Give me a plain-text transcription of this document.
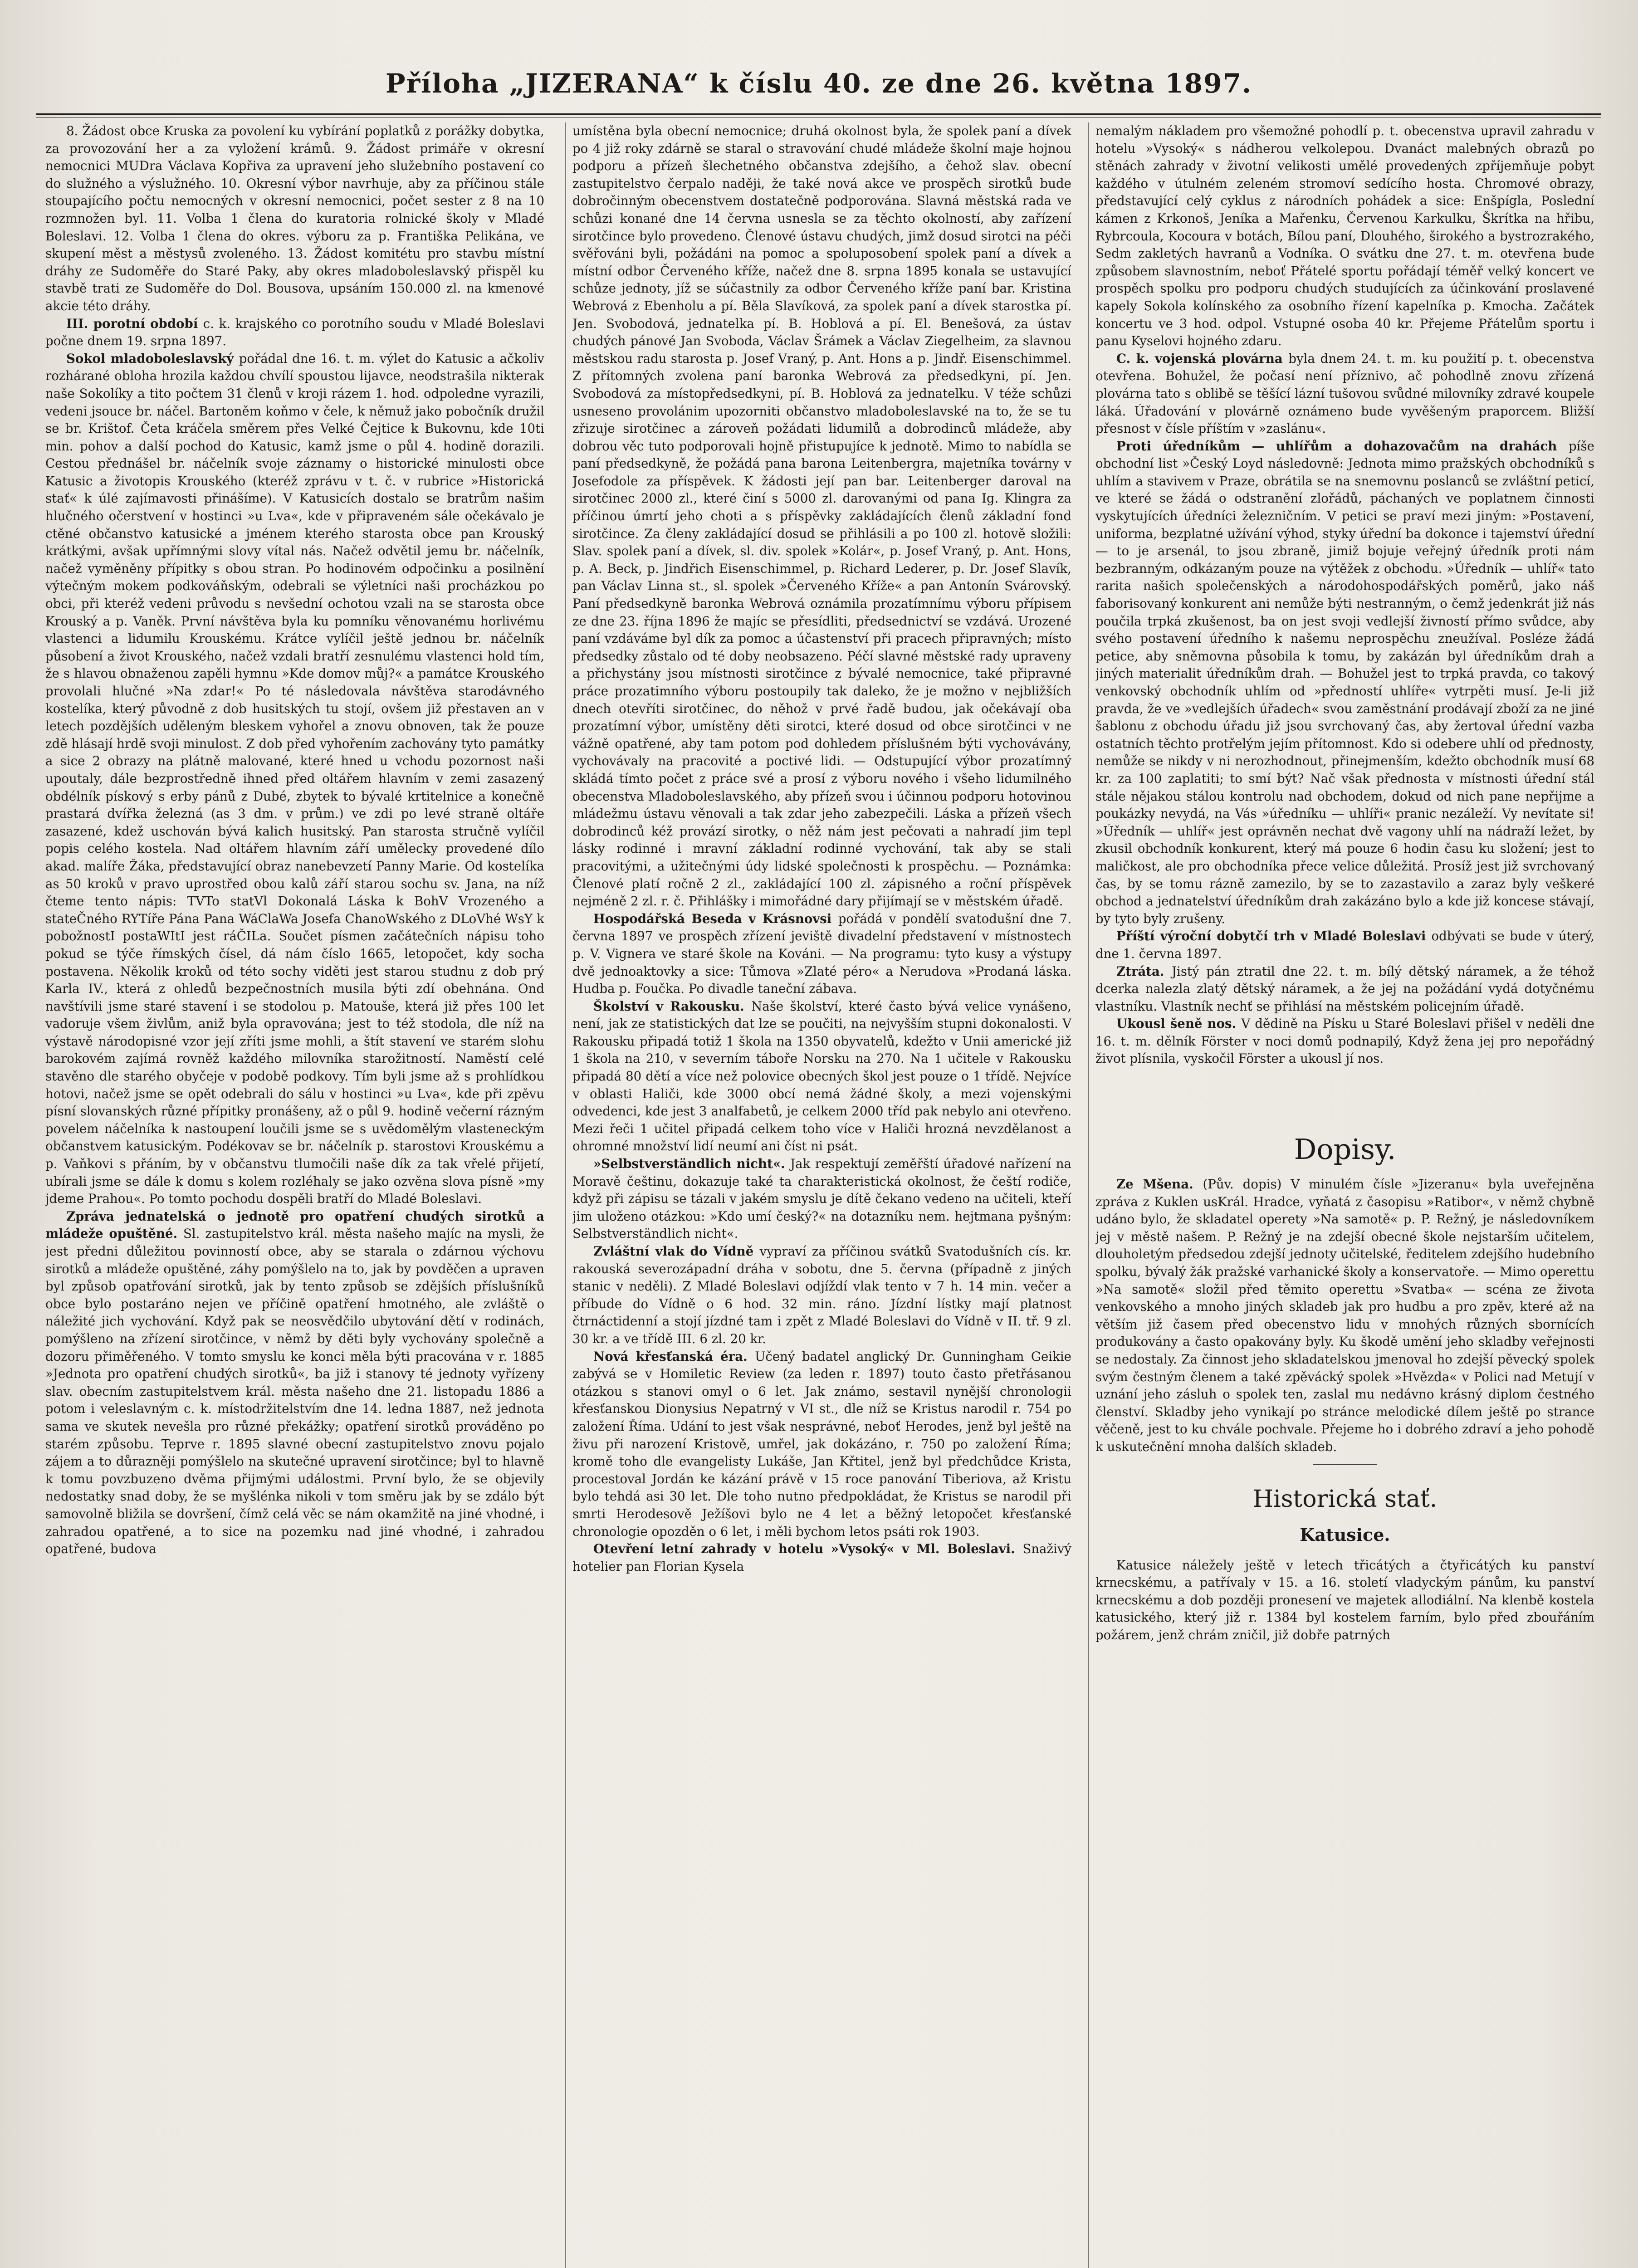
Příloha „JIZERANA“ k číslu 40. ze dne 26. května 1897.

8. Žádost obce Kruska za povolení ku vybírání poplatků z porážky dobytka, za provozování her a za vyložení krámů. 9. Žádost primáře v okresní nemocnici MUDra Václava Kopřiva za upravení jeho služebního postavení co do služného a výslužného. 10. Okresní výbor navrhuje, aby za příčinou stále stoupajícího počtu nemocných v okresní nemocnici, počet sester z 8 na 10 rozmnožen byl. 11. Volba 1 člena do kuratoria rolnické školy v Mladé Boleslavi. 12. Volba 1 člena do okres. výboru za p. Františka Pelikána, ve skupení měst a městysů zvoleného. 13. Žádost komitétu pro stavbu místní dráhy ze Sudoměře do Staré Paky, aby okres mladoboleslavský přispěl ku stavbě trati ze Sudoměře do Dol. Bousova, upsáním 150.000 zl. na kmenové akcie této dráhy.

III. porotní období c. k. krajského co porotního soudu v Mladé Boleslavi počne dnem 19. srpna 1897.

Sokol mladoboleslavský pořádal dne 16. t. m. výlet do Katusic a ačkoliv rozhárané obloha hrozila každou chvílí spoustou lijavce, neodstrašila nikterak naše Sokolíky a tito počtem 31 členů v kroji rázem 1. hod. odpoledne vyrazili, vedeni jsouce br. náčel. Bartoněm koňmo v čele, k němuž jako pobočník družil se br. Krištof. Četa kráčela směrem přes Velké Čejtice k Bukovnu, kde 10ti min. pohov a další pochod do Katusic, kamž jsme o půl 4. hodině dorazili. Cestou přednášel br. náčelník svoje záznamy o historické minulosti obce Katusic a životopis Krouského (kteréž zprávu v t. č. v rubrice »Historická stať« k úlé zajímavosti přinášíme). V Katusicích dostalo se bratrům našim hlučného očerstvení v hostinci »u Lva«, kde v připraveném sále očekávalo je ctěné občanstvo katusické a jménem kterého starosta obce pan Krouský krátkými, avšak upřímnými slovy vítal nás. Načež odvětil jemu br. náčelník, načež vyměněny přípitky s obou stran. Po hodinovém odpočinku a posilnění výtečným mokem podkováňským, odebrali se výletníci naši procházkou po obci, při kteréž vedeni průvodu s nevšední ochotou vzali na se starosta obce Krouský a p. Vaněk. První návštěva byla ku pomníku věnovanému horlivému vlastenci a lidumilu Krouskému. Krátce vylíčil ještě jednou br. náčelník působení a život Krouského, načež vzdali bratří zesnulému vlastenci hold tím, že s hlavou obnaženou zapěli hymnu »Kde domov můj?« a památce Krouského provolali hlučné »Na zdar!« Po té následovala návštěva starodávného kostelíka, který původně z dob husitských tu stojí, ovšem již přestaven an v letech pozdějších uděleným bleskem vyhořel a znovu obnoven, tak že pouze zdě hlásají hrdě svoji minulost. Z dob před vyhořením zachovány tyto památky a sice 2 obrazy na plátně malované, které hned u vchodu pozornost naši upoutaly, dále bezprostředně ihned před oltářem hlavním v zemi zasazený obdélník pískový s erby pánů z Dubé, zbytek to bývalé krtitelnice a konečně prastará dvířka železná (as 3 dm. v prům.) ve zdi po levé straně oltáře zasazené, kdež uschován bývá kalich husitský. Pan starosta stručně vylíčil popis celého kostela. Nad oltářem hlavním září umělecky provedené dílo akad. malíře Žáka, představující obraz nanebevzetí Panny Marie. Od kostelíka as 50 kroků v pravo uprostřed obou kalů září starou sochu sv. Jana, na níž čteme tento nápis: TVTo statVl Dokonalá Láska k BohV Vrozeného a stateČného RYTíře Pána Pana WáClaWa Josefa ChanoWského z DLoVhé WsY k pobožnostI postaWItI jest ráČILa. Součet písmen začátečních nápisu toho pokud se týče římských čísel, dá nám číslo 1665, letopočet, kdy socha postavena. Několik kroků od této sochy viděti jest starou studnu z dob prý Karla IV., která z ohledů bezpečnostních musila býti zdí obehnána. Ond navštívili jsme staré stavení i se stodolou p. Matouše, která již přes 100 let vadoruje všem živlům, aniž byla opravována; jest to též stodola, dle níž na výstavě národopisné vzor její zříti jsme mohli, a štít stavení ve starém slohu barokovém zajímá rovněž každého milovníka starožitností. Naměstí celé stavěno dle starého obyčeje v podobě podkovy. Tím byli jsme až s prohlídkou hotovi, načež jsme se opět odebrali do sálu v hostinci »u Lva«, kde při zpěvu písní slovanských různé přípitky pronášeny, až o půl 9. hodině večerní rázným povelem náčelníka k nastoupení loučili jsme se s uvědomělým vlasteneckým občanstvem katusickým. Podékovav se br. náčelník p. starostovi Krouskému a p. Vaňkovi s přáním, by v občanstvu tlumočili naše dík za tak vřelé přijetí, ubírali jsme se dále k domu s kolem rozléhaly se jako ozvěna slova písně »my jdeme Prahou«. Po tomto pochodu dospěli bratří do Mladé Boleslavi.

Zpráva jednatelská o jednotě pro opatření chudých sirotků a mládeže opuštěné. Sl. zastupitelstvo král. města našeho majíc na mysli, že jest předni důležitou povinností obce, aby se starala o zdárnou výchovu sirotků a mládeže opuštěné, záhy pomýšlelo na to, jak by povděčen a upraven byl způsob opatřování sirotků, jak by tento způsob se zdějších příslušníků obce bylo postaráno nejen ve příčině opatření hmotného, ale zvláště o náležité jich vychování. Když pak se neosvědčilo ubytování dětí v rodinách, pomýšleno na zřízení sirotčince, v němž by děti byly vychovány společně a dozoru přiměřeného. V tomto smyslu ke konci měla býti pracována v r. 1885 »Jednota pro opatření chudých sirotků«, ba již i stanovy té jednoty vyřízeny slav. obecním zastupitelstvem král. města našeho dne 21. listopadu 1886 a potom i veleslavným c. k. místodržitelstvím dne 14. ledna 1887, než jednota sama ve skutek nevešla pro různé překážky; opatření sirotků prováděno po starém způsobu. Teprve r. 1895 slavné obecní zastupitelstvo znovu pojalo zájem a to důrazněji pomýšlelo na skutečné upravení sirotčince; byl to hlavně k tomu povzbuzeno dvěma přijmými událostmi. První bylo, že se objevily nedostatky snad doby, že se myšlénka nikoli v tom směru jak by se zdálo být samovolně bližila se dovršení, čímž celá věc se nám okamžitě na jiné vhodné, i zahradou opatřené, a to sice na pozemku nad jiné vhodné, i zahradou opatřené, budova

umístěna byla obecní nemocnice; druhá okolnost byla, že spolek paní a dívek po 4 již roky zdárně se staral o stravování chudé mládeže školní maje hojnou podporu a přízeň šlechetného občanstva zdejšího, a čehož slav. obecní zastupitelstvo čerpalo naději, že také nová akce ve prospěch sirotků bude dobročinným obecenstvem dostatečně podporována. Slavná městská rada ve schůzi konané dne 14 června usnesla se za těchto okolností, aby zařízení sirotčince bylo provedeno. Členové ústavu chudých, jimž dosud sirotci na péči svěřováni byli, požádáni na pomoc a spoluposobení spolek paní a dívek a místní odbor Červeného kříže, načež dne 8. srpna 1895 konala se ustavující schůze jednoty, jíž se súčastnily za odbor Červeného kříže paní bar. Kristina Webrová z Ebenholu a pí. Běla Slavíková, za spolek paní a dívek starostka pí. Jen. Svobodová, jednatelka pí. B. Hoblová a pí. El. Benešová, za ústav chudých pánové Jan Svoboda, Václav Šrámek a Václav Ziegelheim, za slavnou městskou radu starosta p. Josef Vraný, p. Ant. Hons a p. Jindř. Eisenschimmel. Z přítomných zvolena paní baronka Webrová za předsedkyni, pí. Jen. Svobodová za místopředsedkyni, pí. B. Hoblová za jednatelku. V téže schůzi usneseno provolánim upozorniti občanstvo mladoboleslavské na to, že se tu zřizuje sirotčinec a zároveň požádati lidumilů a dobrodinců mládeže, aby dobrou věc tuto podporovali hojně přistupujíce k jednotě. Mimo to nabídla se paní předsedkyně, že požádá pana barona Leitenbergra, majetníka továrny v Josefodole za příspěvek. K žádosti její pan bar. Leitenberger daroval na sirotčinec 2000 zl., které činí s 5000 zl. darovanými od pana Ig. Klingra za příčinou úmrtí jeho choti a s příspěvky zakládajících členů základní fond sirotčince. Za členy zakládající dosud se přihlásili a po 100 zl. hotově složili: Slav. spolek paní a dívek, sl. div. spolek »Kolár«, p. Josef Vraný, p. Ant. Hons, p. A. Beck, p. Jindřich Eisenschimmel, p. Richard Lederer, p. Dr. Josef Slavík, pan Václav Linna st., sl. spolek »Červeného Kříže« a pan Antonín Svárovský. Paní předsedkyně baronka Webrová oznámila prozatímnímu výboru přípisem ze dne 23. října 1896 že majíc se přesídliti, předsednictví se vzdává. Urozené paní vzdáváme byl dík za pomoc a účastenství při pracech připravných; místo předsedky zůstalo od té doby neobsazeno. Péčí slavné městské rady upraveny a přichystány jsou místnosti sirotčince z bývalé nemocnice, také připravné práce prozatimního výboru postoupily tak daleko, že je možno v nejbližších dnech otevříti sirotčinec, do něhož v prvé řadě budou, jak očekávají oba prozatímní výbor, umístěny děti sirotci, které dosud od obce sirotčinci v ne vážně opatřené, aby tam potom pod dohledem příslušném býti vychovávány, vychovávaly na pracovité a poctivé lidi. — Odstupující výbor prozatímný skládá tímto počet z práce své a prosí z výboru nového i všeho lidumilného obecenstva Mladoboleslavského, aby přízeň svou i účinnou podporu hotovinou mládežmu ústavu věnovali a tak zdar jeho zabezpečili. Láska a přízeň všech dobrodinců kéž provází sirotky, o něž nám jest pečovati a nahradí jim tepl lásky rodinné i mravní základní rodinné vychování, tak aby se stali pracovitými, a užitečnými údy lidské společnosti k prospěchu. — Poznámka: Členové platí ročně 2 zl., zakládající 100 zl. zápisného a roční příspěvek nejméně 2 zl. r. č. Přihlášky i mimořádné dary přijímají se v městském úřadě.

Hospodářská Beseda v Krásnovsi pořádá v pondělí svatodušní dne 7. června 1897 ve prospěch zřízení jeviště divadelní představení v místnostech p. V. Vignera ve staré škole na Kováni. — Na programu: tyto kusy a výstupy dvě jednoaktovky a sice: Tůmova »Zlaté péro« a Nerudova »Prodaná láska. Hudba p. Foučka. Po divadle taneční zábava.

Školství v Rakousku. Naše školství, které často bývá velice vynášeno, není, jak ze statistických dat lze se poučiti, na nejvyšším stupni dokonalosti. V Rakousku připadá totiž 1 škola na 1350 obyvatelů, kdežto v Unii americké již 1 škola na 210, v severním táboře Norsku na 270. Na 1 učitele v Rakousku připadá 80 dětí a více než polovice obecných škol jest pouze o 1 třídě. Nejvíce v oblasti Haliči, kde 3000 obcí nemá žádné školy, a mezi vojenskými odvedenci, kde jest 3 analfabetů, je celkem 2000 tříd pak nebylo ani otevřeno. Mezi řeči 1 učitel připadá celkem toho více v Haliči hrozná nevzdělanost a ohromné množství lidí neumí ani číst ni psát.

»Selbstverständlich nicht«. Jak respektují zeměřští úřadové nařízení na Moravě češtinu, dokazuje také ta charakteristická okolnost, že čeští rodiče, když při zápisu se tázali v jakém smyslu je dítě čekano vedeno na učiteli, kteří jim uloženo otázkou: »Kdo umí český?« na dotazníku nem. hejtmana pyšným: Selbstverständlich nicht«.

Zvláštní vlak do Vídně vypraví za příčinou svátků Svatodušních cís. kr. rakouská severozápadní dráha v sobotu, dne 5. června (případně z jiných stanic v neděli). Z Mladé Boleslavi odjíždí vlak tento v 7 h. 14 min. večer a příbude do Vídně o 6 hod. 32 min. ráno. Jízdní lístky mají platnost čtrnáctidenní a stojí jízdné tam i zpět z Mladé Boleslavi do Vídně v II. tř. 9 zl. 30 kr. a ve třídě III. 6 zl. 20 kr.

Nová křesťanská éra. Učený badatel anglický Dr. Gunningham Geikie zabývá se v Homiletic Review (za leden r. 1897) touto často přetřásanou otázkou s stanovi omyl o 6 let. Jak známo, sestavil nynější chronologii křesťanskou Dionysius Nepatrný v VI st., dle níž se Kristus narodil r. 754 po založení Říma. Udání to jest však nesprávné, neboť Herodes, jenž byl ještě na živu při narození Kristově, umřel, jak dokázáno, r. 750 po založení Říma; kromě toho dle evangelisty Lukáše, Jan Křtitel, jenž byl předchůdce Krista, procestoval Jordán ke kázání právě v 15 roce panování Tiberiova, až Kristu bylo tehdá asi 30 let. Dle toho nutno předpokládat, že Kristus se narodil při smrti Herodesově Ježíšovi bylo ne 4 let a běžný letopočet křesťanské chronologie opozděn o 6 let, i měli bychom letos psáti rok 1903.

Otevření letní zahrady v hotelu »Vysoký« v Ml. Boleslavi. Snaživý hotelier pan Florian Kysela

nemalým nákladem pro všemožné pohodlí p. t. obecenstva upravil zahradu v hotelu »Vysoký« s nádherou velkolepou. Dvanáct malebných obrazů po stěnách zahrady v životní velikosti umělé provedených zpříjemňuje pobyt každého v útulném zeleném stromoví sedícího hosta. Chromové obrazy, představující celý cyklus z národních pohádek a sice: Enšpígla, Poslední kámen z Krkonoš, Jeníka a Mařenku, Červenou Karkulku, Škrítka na hřibu, Rybrcoula, Kocoura v botách, Bílou paní, Dlouhého, širokého a bystrozrakého, Sedm zakletých havranů a Vodníka. O svátku dne 27. t. m. otevřena bude způsobem slavnostním, neboť Přátelé sportu pořádají téměř velký koncert ve prospěch spolku pro podporu chudých studujících za účinkování proslavené kapely Sokola kolínského za osobního řízení kapelníka p. Kmocha. Začátek koncertu ve 3 hod. odpol. Vstupné osoba 40 kr. Přejeme Přátelům sportu i panu Kyselovi hojného zdaru.

C. k. vojenská plovárna byla dnem 24. t. m. ku použití p. t. obecenstva otevřena. Bohužel, že počasí není příznivo, ač pohodlně znovu zřízená plovárna tato s oblibě se těšící lázní tušovou svůdné milovníky zdravé koupele láká. Úřadování v plovárně oznámeno bude vyvěšeným praporcem. Bližší přesnost v čísle příštím v »zaslánu«.

Proti úředníkům — uhlířům a dohazovačům na drahách píše obchodní list »Český Loyd následovně: Jednota mimo pražských obchodníků s uhlím a stavivem v Praze, obrátila se na snemovnu poslanců se zvláštní peticí, ve které se žádá o odstranění zlořádů, páchaných ve poplatnem činnosti vyskytujících úředníci železničním. V petici se praví mezi jiným: »Postavení, uniforma, bezplatné užívání výhod, styky úřední ba dokonce i tajemství úřední — to je arsenál, to jsou zbraně, jimiž bojuje veřejný úředník proti nám bezbranným, odkázaným pouze na výtěžek z obchodu. »Úředník — uhlíř« tato rarita našich společenských a národohospodářských poměrů, jako náš faborisovaný konkurent ani nemůže býti nestranným, o čemž jedenkrát již nás poučila trpká zkušenost, ba on jest svoji vedlejší živností přímo svůdce, aby svého postavení úředního k našemu neprospěchu zneužíval. Posléze žádá petice, aby sněmovna působila k tomu, by zakázán byl úředníkům drah a jiných materialit úředníkům drah. — Bohužel jest to trpká pravda, co takový venkovský obchodník uhlím od »předností uhlíře« vytrpěti musí. Je-li již pravda, že ve »vedlejších úřadech« svou zaměstnání prodávají zboží za ne jiné šablonu z obchodu úřadu již jsou svrchovaný čas, aby žertoval úřední vazba ostatních těchto protřelým jejím přítomnost. Kdo si odebere uhlí od přednosty, nemůže se nikdy v ni nerozhodnout, přinejmenším, kdežto obchodník musí 68 kr. za 100 zaplatiti; to smí být? Nač však přednosta v místnosti úřední stál stále nějakou stálou kontrolu nad obchodem, dokud od nich pane nepřijme a poukázky nevydá, na Vás »úředníku — uhlíři« pranic nezáleží. Vy nevítate si! »Úředník — uhlíř« jest oprávněn nechat dvě vagony uhlí na nádraží ležet, by zkusil obchodník konkurent, který má pouze 6 hodin času ku složení; jest to maličkost, ale pro obchodníka přece velice důležitá. Prosíž jest již svrchovaný čas, by se tomu rázně zamezilo, by se to zazastavilo a zaraz byly veškeré obchod a jednatelství úředníkům drah zakázáno bylo a kde již koncese stávají, by tyto byly zrušeny.

Příští výroční dobytčí trh v Mladé Boleslavi odbývati se bude v úterý, dne 1. června 1897.

Ztráta. Jistý pán ztratil dne 22. t. m. bílý dětský náramek, a že téhož dcerka nalezla zlatý dětský náramek, a že jej na požádání vydá dotyčnému vlastníku. Vlastník nechť se přihlásí na městském policejním úřadě.

Ukousl šeně nos. V dědině na Písku u Staré Boleslavi přišel v neděli dne 16. t. m. dělník Förster v noci domů podnapilý, Když žena jej pro nepořádný život plísnila, vyskočil Förster a ukousl jí nos.

Dopisy.

Ze Mšena. (Pův. dopis) V minulém čísle »Jizeranu« byla uveřejněna zpráva z Kuklen usKrál. Hradce, vyňatá z časopisu »Ratibor«, v němž chybně udáno bylo, že skladatel operety »Na samotě« p. P. Režný, je následovníkem jej v městě našem. P. Režný je na zdejší obecné škole nejstarším učitelem, dlouholetým předsedou zdejší jednoty učitelské, ředitelem zdejšího hudebního spolku, bývalý žák pražské varhanické školy a konservatoře. — Mimo operettu »Na samotě« složil před těmito operettu »Svatba« — scéna ze života venkovského a mnoho jiných skladeb jak pro hudbu a pro zpěv, které až na větším již časem před obecenstvo lidu v mnohých různých sbornících produkovány a často opakovány byly. Ku škodě umění jeho skladby veřejnosti se nedostaly. Za činnost jeho skladatelskou jmenoval ho zdejší pěvecký spolek svým čestným členem a také zpěvácký spolek »Hvězda« v Polici nad Metují v uznání jeho zásluh o spolek ten, zaslal mu nedávno krásný diplom čestného členství. Skladby jeho vynikají po stránce melodické dílem ještě po strance věčeně, jest to ku chvále pochvale. Přejeme ho i dobrého zdraví a jeho pohodě k uskutečnění mnoha dalších skladeb.

Historická stať.
Katusice.

Katusice náležely ještě v letech třicátých a čtyřicátých ku panství krnecskému, a patřívaly v 15. a 16. století vladyckým pánům, ku panství krnecskému a dob později pronesení ve majetek allodiální. Na klenbě kostela katusického, který již r. 1384 byl kostelem farním, bylo před zbouřáním požárem, jenž chrám zničil, již dobře patrných
